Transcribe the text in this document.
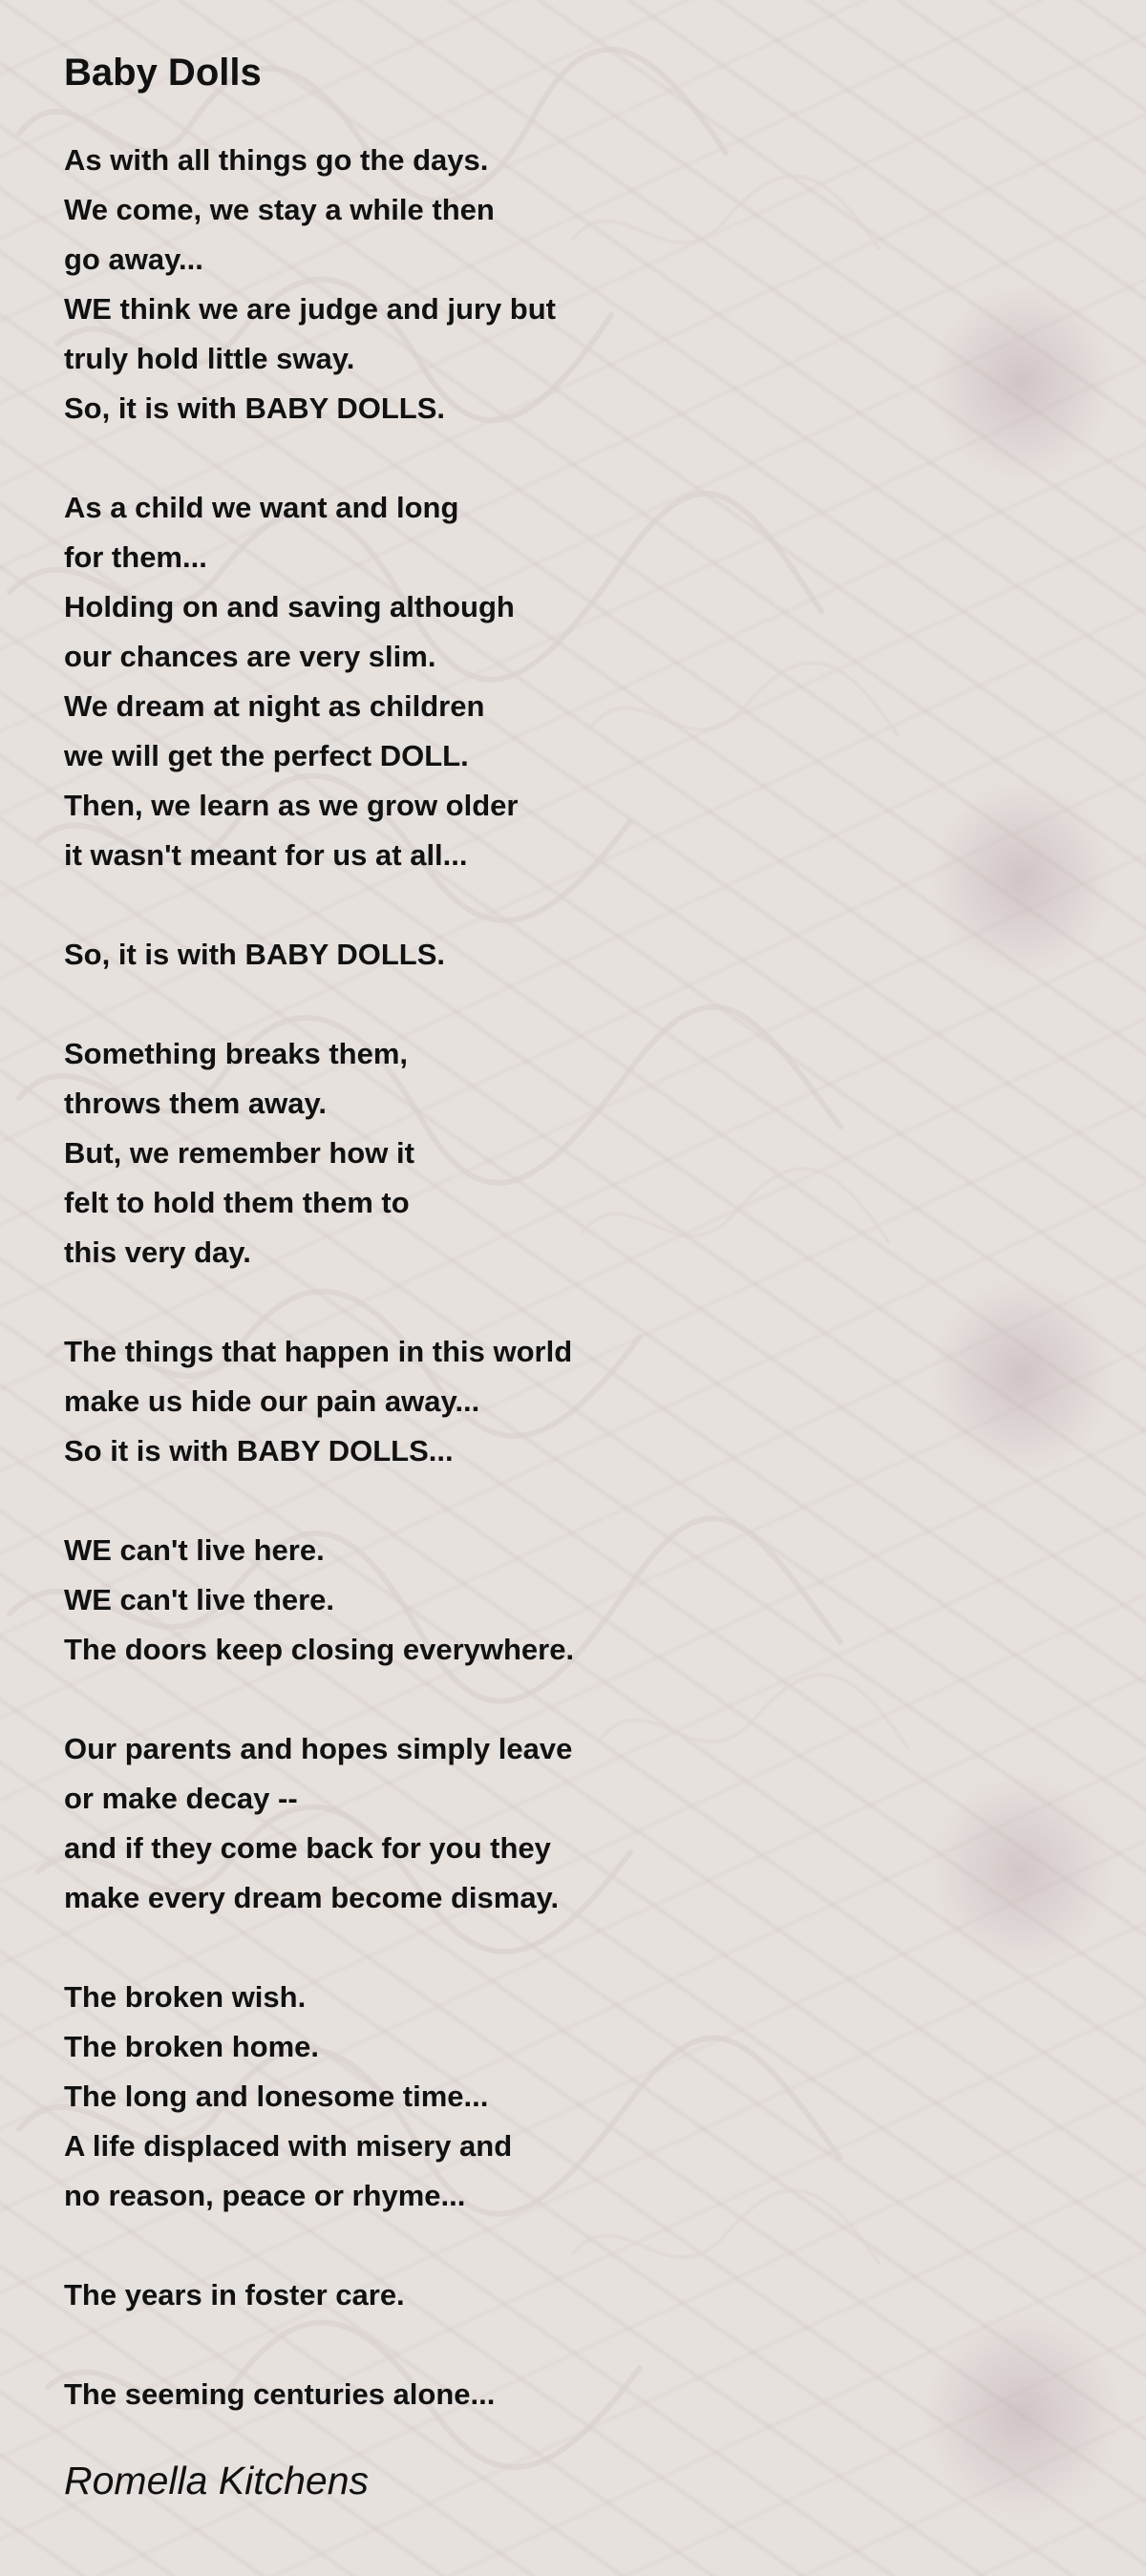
Baby Dolls
As with all things go the days.
We come, we stay a while then
go away...
WE think we are judge and jury but
truly hold little sway.
So, it is with BABY DOLLS.
As a child we want and long
for them...
Holding on and saving although
our chances are very slim.
We dream at night as children
we will get the perfect DOLL.
Then, we learn as we grow older
it wasn't meant for us at all...
So, it is with BABY DOLLS.
Something breaks them,
throws them away.
But, we remember how it
felt to hold them them to
this very day.
The things that happen in this world
make us hide our pain away...
So it is with BABY DOLLS...
WE can't live here.
WE can't live there.
The doors keep closing everywhere.
Our parents and hopes simply leave
or make decay --
and if they come back for you they
make every dream become dismay.
The broken wish.
The broken home.
The long and lonesome time...
A life displaced with misery and
no reason, peace or rhyme...
The years in foster care.
The seeming centuries alone...
Romella Kitchens
